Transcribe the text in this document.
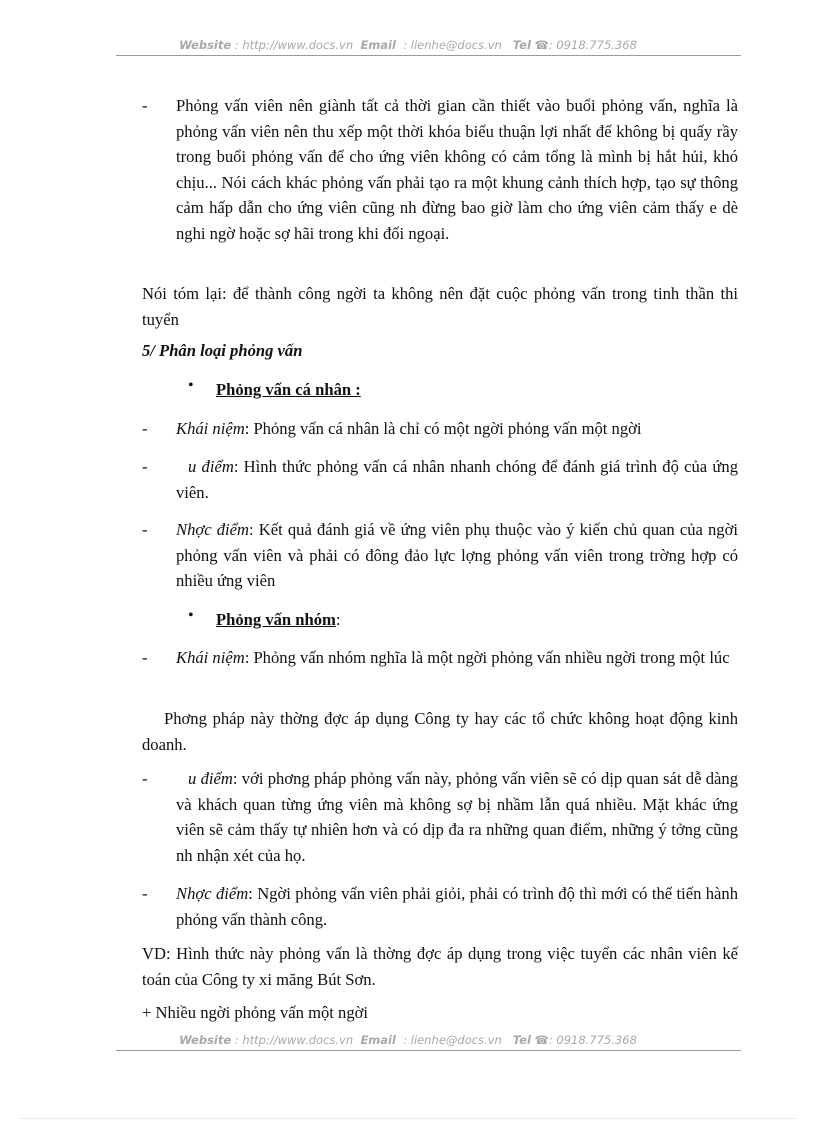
Website : http://www.docs.vn Email : lienhe@docs.vn Tel ☎: 0918.775.368
- Phỏng vấn viên nên giành tất cả thời gian cần thiết vào buổi phỏng vấn, nghĩa là phỏng vấn viên nên thu xếp một thời khóa biểu thuận lợi nhất để không bị quấy rầy trong buổi phỏng vấn để cho ứng viên không có cảm tổng là mình bị hắt hủi, khó chịu... Nói cách khác phỏng vấn phải tạo ra một khung cảnh thích hợp, tạo sự thông cảm hấp dẫn cho ứng viên cũng nh đừng bao giờ làm cho ứng viên cảm thấy e dè nghi ngờ hoặc sợ hãi trong khi đối ngoại.

Nói tóm lại: để thành công ngời ta không nên đặt cuộc phỏng vấn trong tinh thần thi tuyển

5/ Phân loại phỏng vấn

• Phỏng vấn cá nhân :

- Khái niệm: Phỏng vấn cá nhân là chỉ có một ngời phỏng vấn một ngời

-	u điểm: Hình thức phỏng vấn cá nhân nhanh chóng để đánh giá trình độ của ứng viên.

- Nhợc điểm: Kết quả đánh giá về ứng viên phụ thuộc vào ý kiến chủ quan của ngời phỏng vấn viên và phải có đông đảo lực lợng phỏng vấn viên trong trờng hợp có nhiều ứng viên

• Phỏng vấn nhóm:

- Khái niệm: Phỏng vấn nhóm nghĩa là một ngời phỏng vấn nhiều ngời trong một lúc

Phơng pháp này thờng đợc áp dụng Công ty hay các tổ chức không hoạt động kinh doanh.

-	u điểm: với phơng pháp phỏng vấn này, phỏng vấn viên sẽ có dịp quan sát dễ dàng và khách quan từng ứng viên mà không sợ bị nhầm lẫn quá nhiều. Mặt khác ứng viên sẽ cảm thấy tự nhiên hơn và có dịp đa ra những quan điểm, những ý tởng cũng nh nhận xét của họ.

- Nhợc điểm: Ngời phỏng vấn viên phải giỏi, phải có trình độ thì mới có thể tiến hành phỏng vấn thành công.

VD: Hình thức này phỏng vấn là thờng đợc áp dụng trong việc tuyển các nhân viên kế toán của Công ty xi măng Bút Sơn.

+ Nhiều ngời phỏng vấn một ngời

Website : http://www.docs.vn Email : lienhe@docs.vn Tel ☎: 0918.775.368
